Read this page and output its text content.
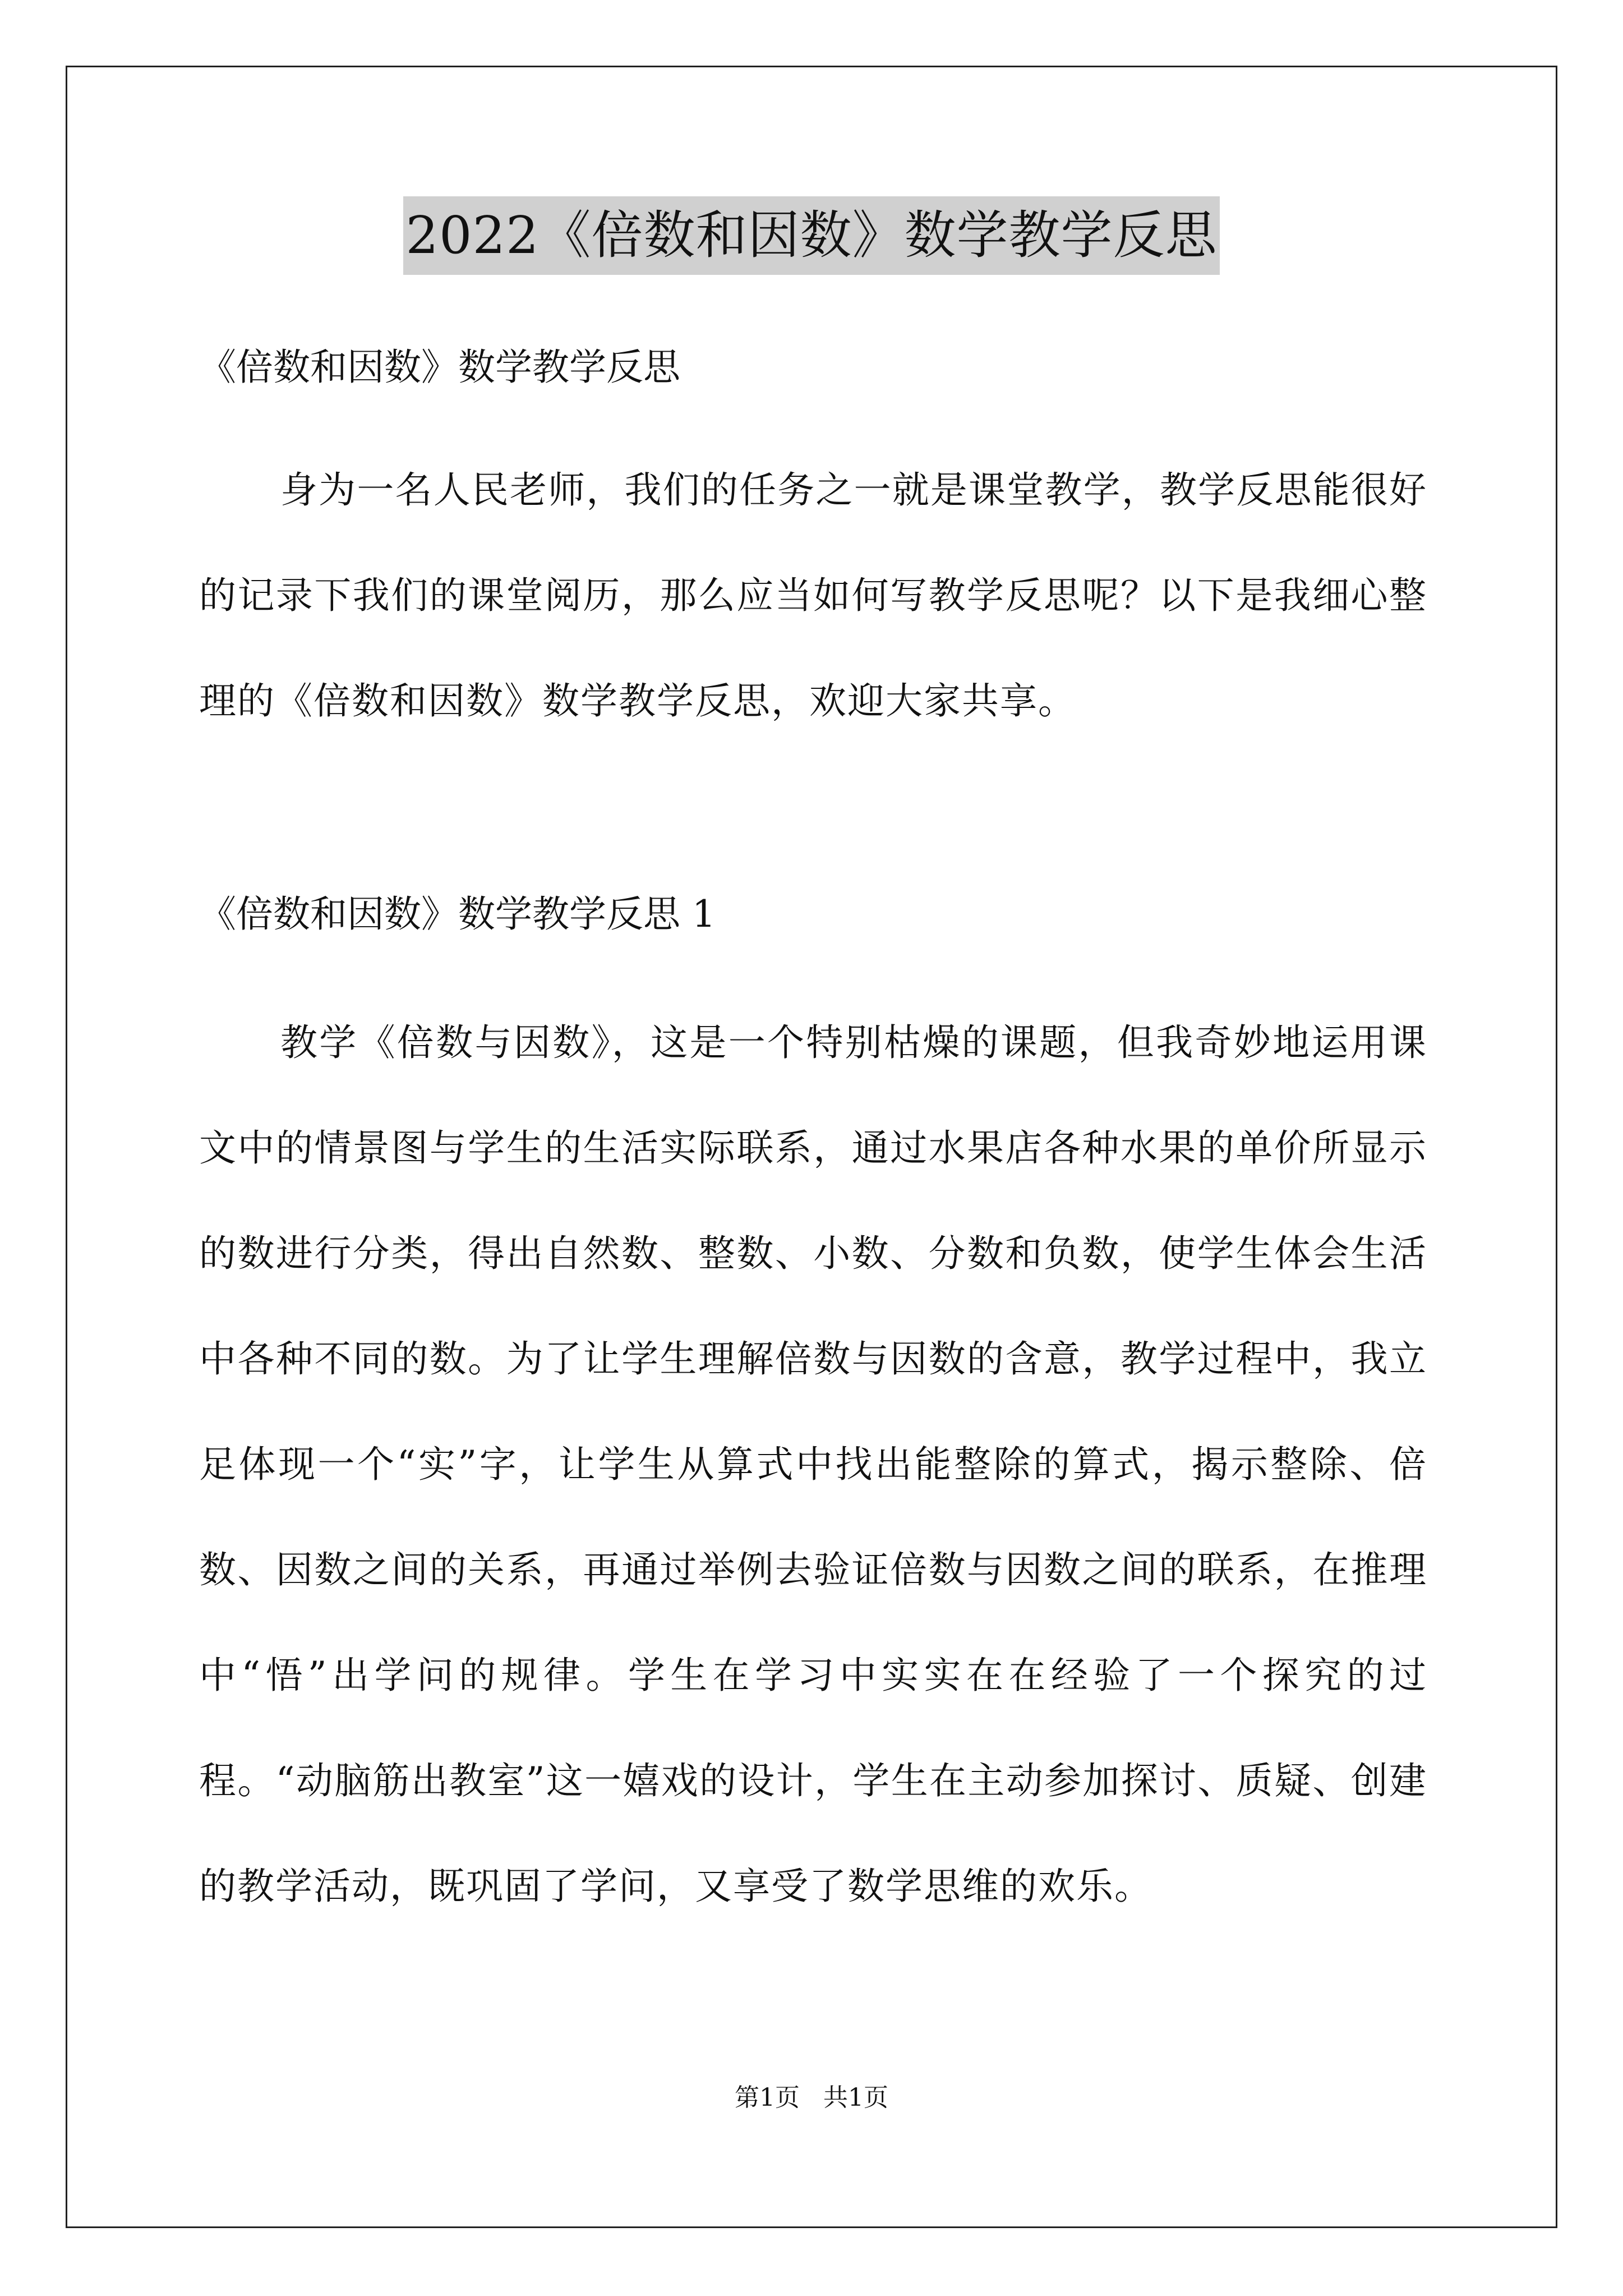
2022《倍数和因数》数学教学反思

《倍数和因数》数学教学反思

身为一名人民老师，我们的任务之一就是课堂教学，教学反思能很好的记录下我们的课堂阅历，那么应当如何写教学反思呢？以下是我细心整理的《倍数和因数》数学教学反思，欢迎大家共享。

《倍数和因数》数学教学反思 1

教学《倍数与因数》，这是一个特别枯燥的课题，但我奇妙地运用课文中的情景图与学生的生活实际联系，通过水果店各种水果的单价所显示的数进行分类，得出自然数、整数、小数、分数和负数，使学生体会生活中各种不同的数。为了让学生理解倍数与因数的含意，教学过程中，我立足体现一个“实”字，让学生从算式中找出能整除的算式，揭示整除、倍数、因数之间的关系，再通过举例去验证倍数与因数之间的联系，在推理中“悟”出学问的规律。学生在学习中实实在在经验了一个探究的过程。“动脑筋出教室”这一嬉戏的设计，学生在主动参加探讨、质疑、创建的教学活动，既巩固了学问，又享受了数学思维的欢乐。

第1页   共1页
